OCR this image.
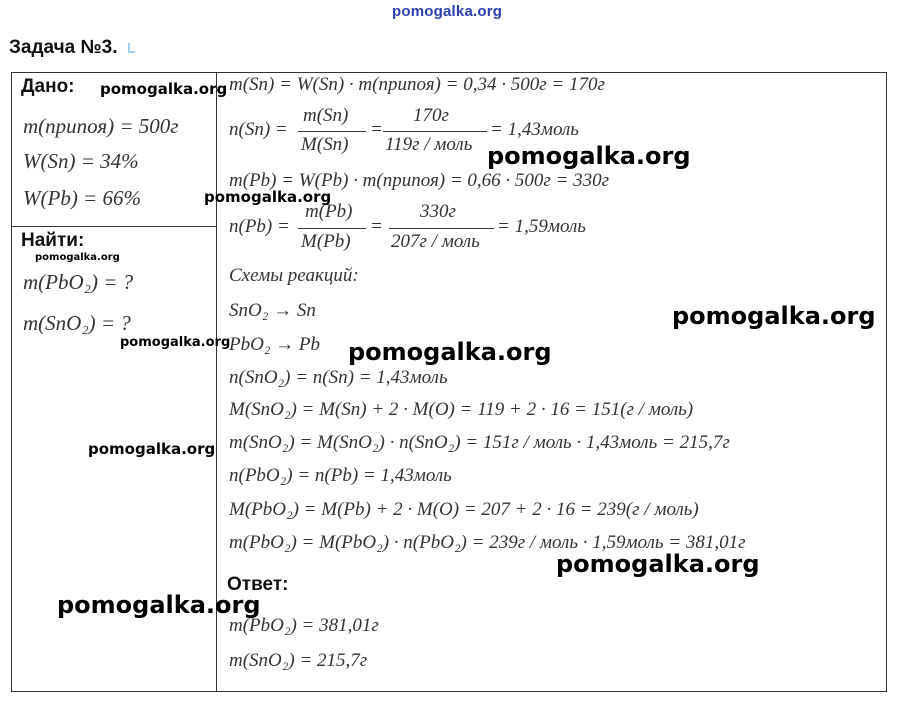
pomogalka.org
Задача №3.
Дано:
m(припоя) = 500г
W(Sn) = 34%
W(Pb) = 66%
Найти:
m(PbO₂) = ?
m(SnO₂) = ?
m(Sn) = W(Sn) · m(припоя) = 0,34 · 500г = 170г
n(Sn) =
m(Sn)
M(Sn)
=
170г
119г / моль
= 1,43моль
m(Pb) = W(Pb) · m(припоя) = 0,66 · 500г = 330г
n(Pb) =
m(Pb)
M(Pb)
=
330г
207г / моль
= 1,59моль
Схемы реакций:
SnO₂ → Sn
PbO₂ → Pb
n(SnO₂) = n(Sn) = 1,43моль
M(SnO₂) = M(Sn) + 2 · M(O) = 119 + 2 · 16 = 151(г / моль)
m(SnO₂) = M(SnO₂) · n(SnO₂) = 151г / моль · 1,43моль = 215,7г
n(PbO₂) = n(Pb) = 1,43моль
M(PbO₂) = M(Pb) + 2 · M(O) = 207 + 2 · 16 = 239(г / моль)
m(PbO₂) = M(PbO₂) · n(PbO₂) = 239г / моль · 1,59моль = 381,01г
Ответ:
m(PbO₂) = 381,01г
m(SnO₂) = 215,7г
pomogalka.org
pomogalka.org
pomogalka.org
pomogalka.org
pomogalka.org
pomogalka.org	pomogalka.org
pomogalka.org
pomogalka.org
pomogalka.org
